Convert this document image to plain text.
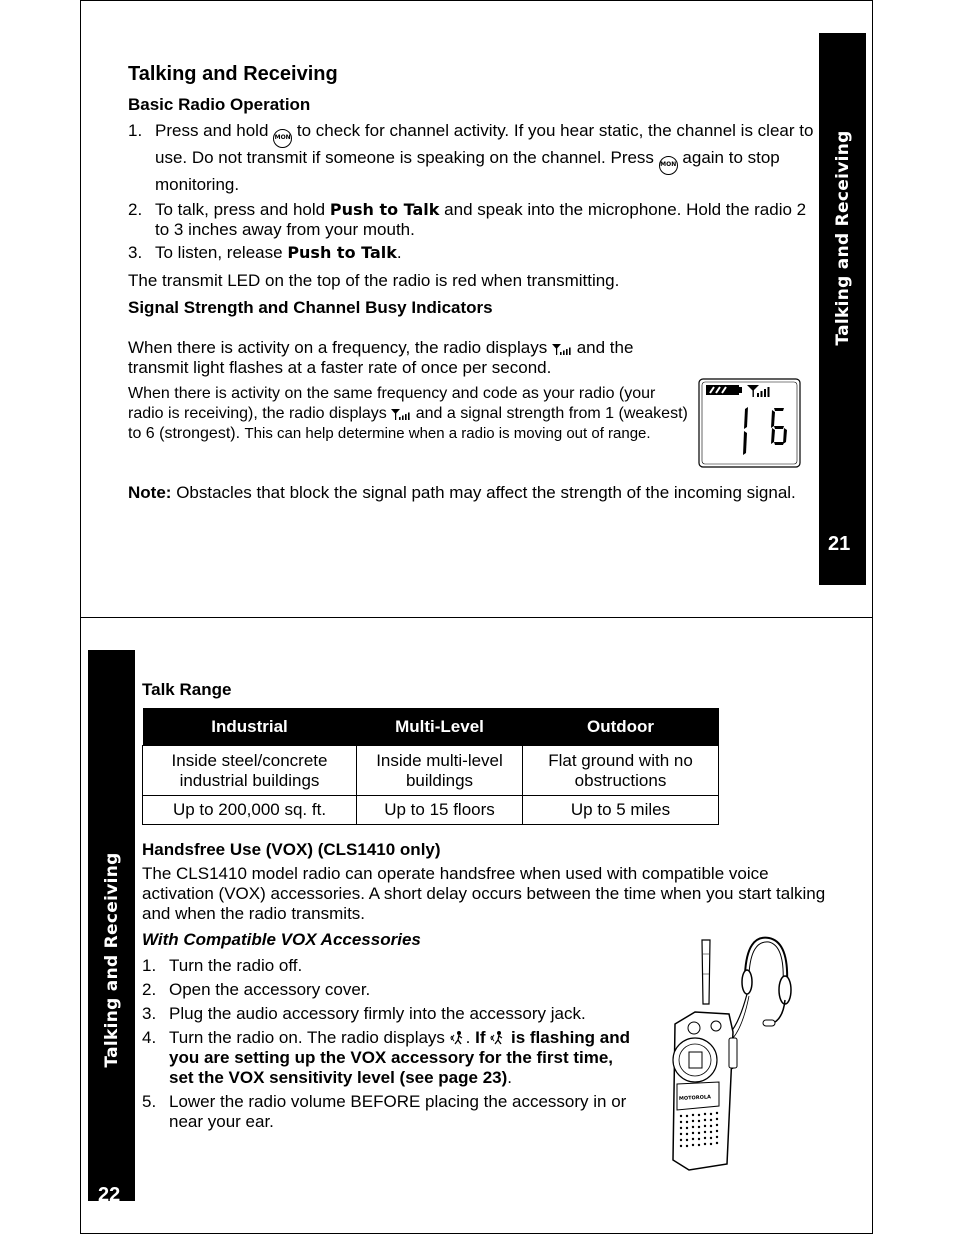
Talking and Receiving
21
Talking and Receiving
Basic Radio Operation
1. Press and hold MON to check for channel activity. If you hear static, the channel is clear to use. Do not transmit if someone is speaking on the channel. Press MON again to stop monitoring.
2. To talk, press and hold Push to Talk and speak into the microphone. Hold the radio 2 to 3 inches away from your mouth.
3. To listen, release Push to Talk.
The transmit LED on the top of the radio is red when transmitting.
Signal Strength and Channel Busy Indicators
When there is activity on a frequency, the radio displays and the transmit light flashes at a faster rate of once per second.
When there is activity on the same frequency and code as your radio (your radio is receiving), the radio displays and a signal strength from 1 (weakest) to 6 (strongest). This can help determine when a radio is moving out of range.
Note: Obstacles that block the signal path may affect the strength of the incoming signal.
Talking and Receiving
22
Talk Range
Industrial	Multi-Level	Outdoor
Inside steel/concrete industrial buildings	Inside multi-level buildings	Flat ground with no obstructions
Up to 200,000 sq. ft.	Up to 15 floors	Up to 5 miles
Handsfree Use (VOX) (CLS1410 only)
The CLS1410 model radio can operate handsfree when used with compatible voice activation (VOX) accessories. A short delay occurs between the time when you start talking and when the radio transmits.
With Compatible VOX Accessories
1. Turn the radio off.
2. Open the accessory cover.
3. Plug the audio accessory firmly into the accessory jack.
4. Turn the radio on. The radio displays . If is flashing and you are setting up the VOX accessory for the first time, set the VOX sensitivity level (see page 23).
5. Lower the radio volume BEFORE placing the accessory in or near your ear.
MOTOROLA
